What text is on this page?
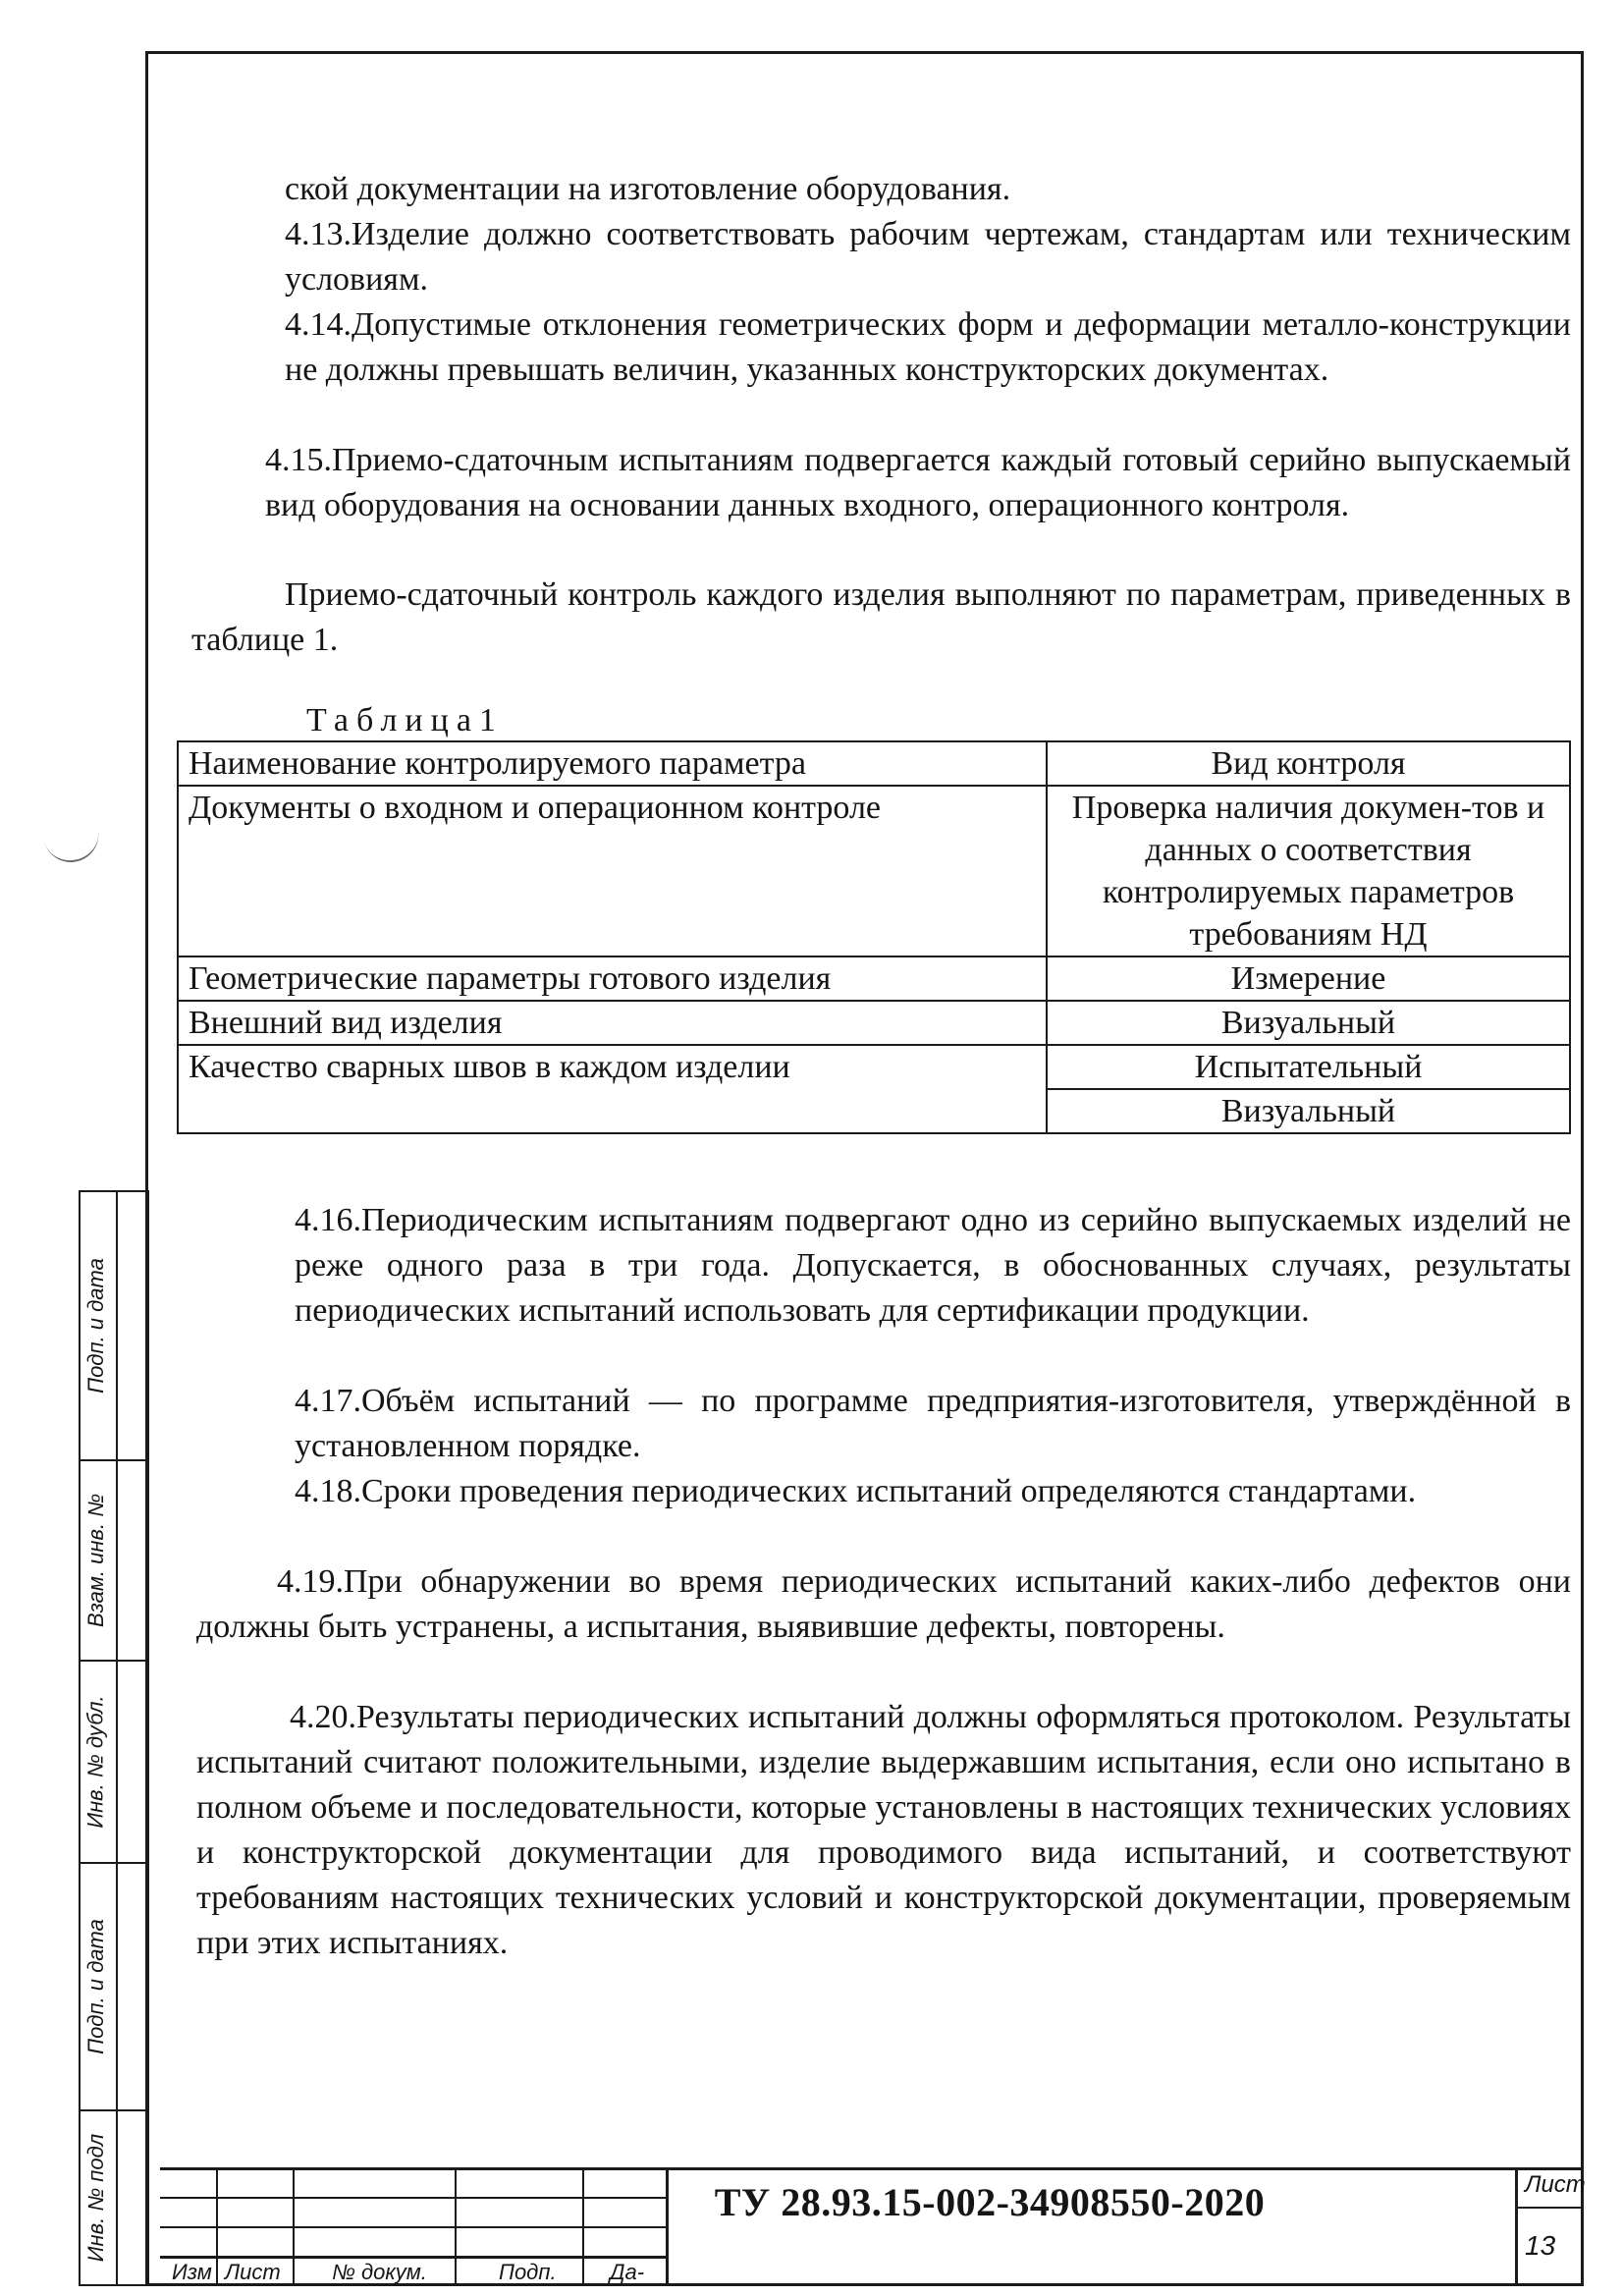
ской документации на изготовление оборудования.

4.13.Изделие должно соответствовать рабочим чертежам, стандартам или техническим условиям.

4.14.Допустимые отклонения геометрических форм и деформации металло-конструкции не должны превышать величин, указанных конструкторских документах.

4.15.Приемо-сдаточным испытаниям подвергается каждый готовый серийно выпускаемый вид оборудования на основании данных входного, операционного контроля.

Приемо-сдаточный контроль каждого изделия выполняют по параметрам, приведенных в таблице 1.

Таблица1
Наименование контролируемого параметра	Вид контроля
Документы о входном и операционном контроле	Проверка наличия докумен-тов и данных о соответствия контролируемых параметров требованиям НД
Геометрические параметры готового изделия	Измерение
Внешний вид изделия	Визуальный
Качество сварных швов в каждом изделии	Испытательный
	Визуальный

4.16.Периодическим испытаниям подвергают одно из серийно выпускаемых изделий не реже одного раза в три года. Допускается, в обоснованных случаях, результаты периодических испытаний использовать для сертификации продукции.

4.17.Объём испытаний — по программе предприятия-изготовителя, утверждённой в установленном порядке.

4.18.Сроки проведения периодических испытаний определяются стандартами.

4.19.При обнаружении во время периодических испытаний каких-либо дефектов они должны быть устранены, а испытания, выявившие дефекты, повторены.

4.20.Результаты периодических испытаний должны оформляться протоколом. Результаты испытаний считают положительными, изделие выдержавшим испытания, если оно испытано в полном объеме и последовательности, которые установлены в настоящих технических условиях и конструкторской документации для проводимого вида испытаний, и соответствуют требованиям настоящих технических условий и конструкторской документации, проверяемым при этих испытаниях.

Подп. и дата
Взам. инв. №
Инв. № дубл.
Подп. и дата
Инв. № подл
Изм Лист № докум.	Подп. Да-
ТУ 28.93.15-002-34908550-2020	Лист
13
